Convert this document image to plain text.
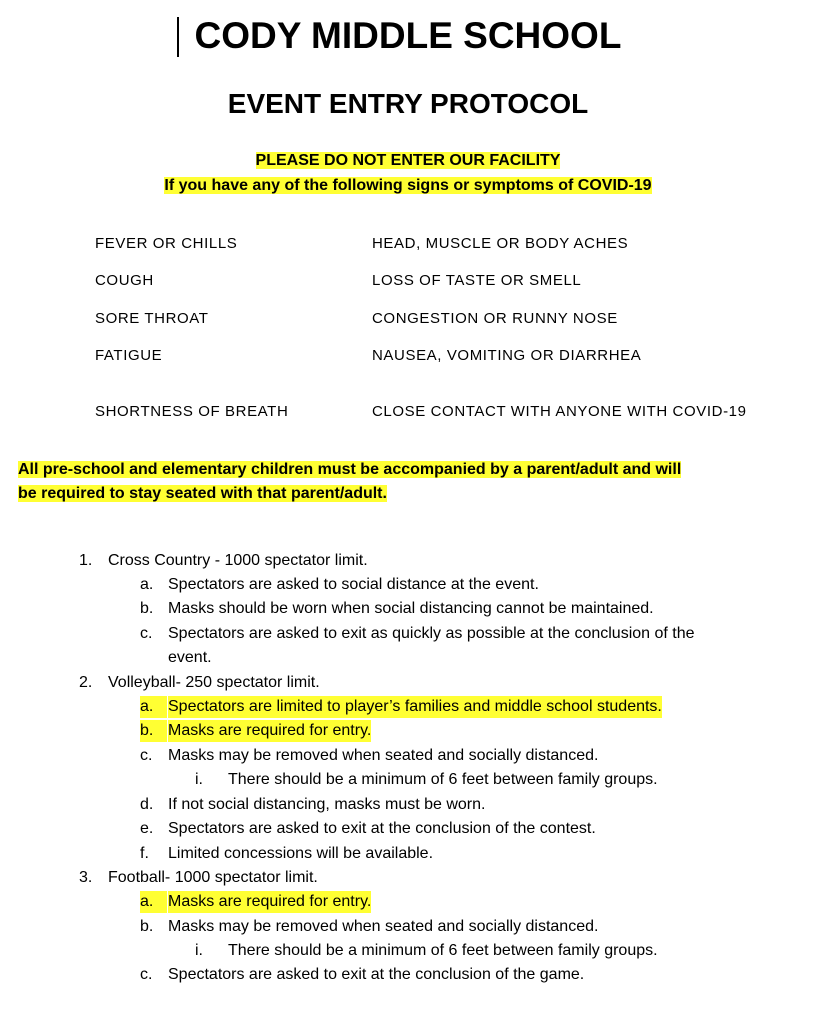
CODY MIDDLE SCHOOL
EVENT ENTRY PROTOCOL

PLEASE DO NOT ENTER OUR FACILITY

If you have any of the following signs or symptoms of COVID-19

FEVER OR CHILLS
COUGH
SORE THROAT
FATIGUE
SHORTNESS OF BREATH
HEAD, MUSCLE OR BODY ACHES
LOSS OF TASTE OR SMELL
CONGESTION OR RUNNY NOSE
NAUSEA, VOMITING OR DIARRHEA
CLOSE CONTACT WITH ANYONE WITH COVID-19

All pre-school and elementary children must be accompanied by a parent/adult and will
be required to stay seated with that parent/adult.

1. Cross Country - 1000 spectator limit.
a. Spectators are asked to social distance at the event.
b. Masks should be worn when social distancing cannot be maintained.
c. Spectators are asked to exit as quickly as possible at the conclusion of the
event.
2. Volleyball- 250 spectator limit.
a. Spectators are limited to player’s families and middle school students.
b. Masks are required for entry.
c. Masks may be removed when seated and socially distanced.
i. There should be a minimum of 6 feet between family groups.
d. If not social distancing, masks must be worn.
e. Spectators are asked to exit at the conclusion of the contest.
f. Limited concessions will be available.
3. Football- 1000 spectator limit.
a. Masks are required for entry.
b. Masks may be removed when seated and socially distanced.
i. There should be a minimum of 6 feet between family groups.
c. Spectators are asked to exit at the conclusion of the game.
